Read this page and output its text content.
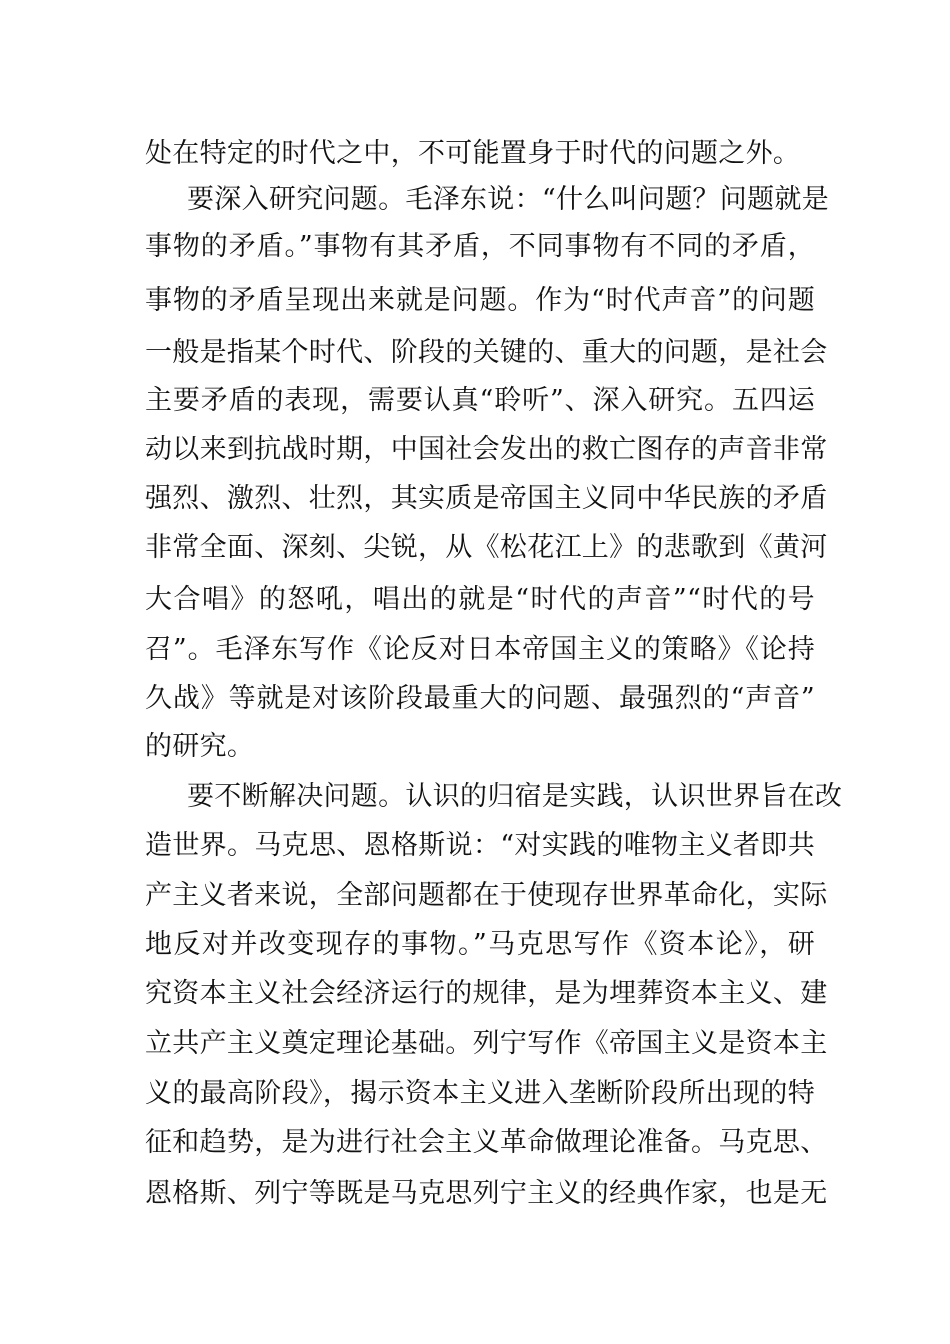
处在特定的时代之中，不可能置身于时代的问题之外。
要深入研究问题。毛泽东说：“什么叫问题？问题就是
事物的矛盾。”事物有其矛盾，不同事物有不同的矛盾，
事物的矛盾呈现出来就是问题。作为“时代声音”的问题
一般是指某个时代、阶段的关键的、重大的问题，是社会
主要矛盾的表现，需要认真“聆听”、深入研究。五四运
动以来到抗战时期，中国社会发出的救亡图存的声音非常
强烈、激烈、壮烈，其实质是帝国主义同中华民族的矛盾
非常全面、深刻、尖锐，从《松花江上》的悲歌到《黄河
大合唱》的怒吼，唱出的就是“时代的声音”“时代的号
召”。毛泽东写作《论反对日本帝国主义的策略》《论持
久战》等就是对该阶段最重大的问题、最强烈的“声音”
的研究。
要不断解决问题。认识的归宿是实践，认识世界旨在改
造世界。马克思、恩格斯说：“对实践的唯物主义者即共
产主义者来说，全部问题都在于使现存世界革命化，实际
地反对并改变现存的事物。”马克思写作《资本论》，研
究资本主义社会经济运行的规律，是为埋葬资本主义、建
立共产主义奠定理论基础。列宁写作《帝国主义是资本主
义的最高阶段》，揭示资本主义进入垄断阶段所出现的特
征和趋势，是为进行社会主义革命做理论准备。马克思、
恩格斯、列宁等既是马克思列宁主义的经典作家，也是无
